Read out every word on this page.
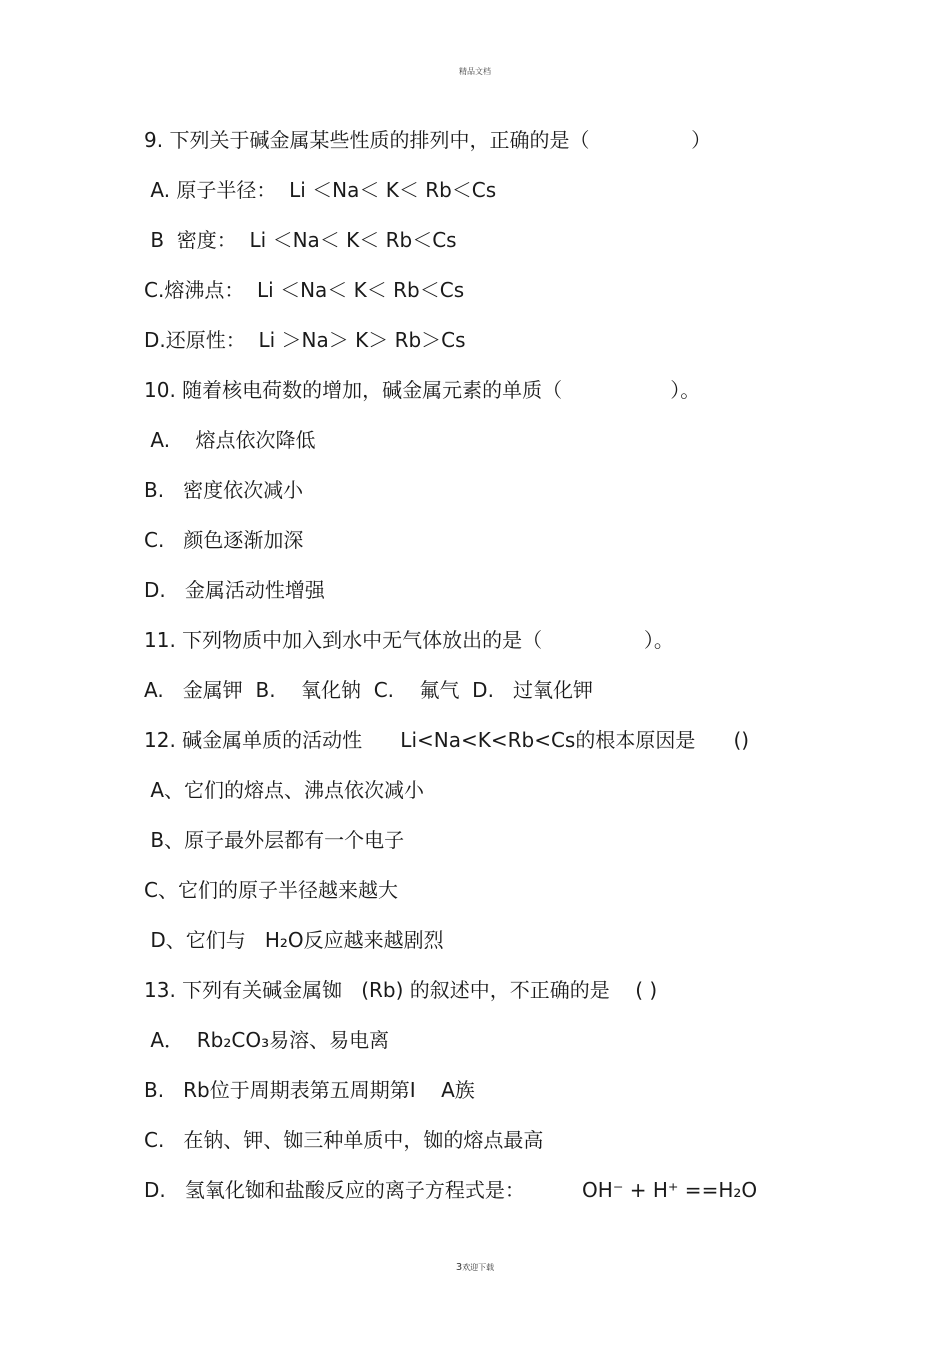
精品文档
9. 下列关于碱金属某些性质的排列中，正确的是（                ）
A. 原子半径：  Li ＜Na＜ K＜ Rb＜Cs
B  密度：  Li ＜Na＜ K＜ Rb＜Cs
C.熔沸点：  Li ＜Na＜ K＜ Rb＜Cs
D.还原性：  Li ＞Na＞ K＞ Rb＞Cs
10. 随着核电荷数的增加，碱金属元素的单质（                 ）。
A.    熔点依次降低
B.   密度依次减小
C.   颜色逐渐加深
D.   金属活动性增强
11. 下列物质中加入到水中无气体放出的是（                ）。
A.   金属钾  B.    氧化钠  C.    氟气  D.   过氧化钾
12. 碱金属单质的活动性      Li<Na<K<Rb<Cs的根本原因是      ()
A、它们的熔点、沸点依次减小
B、原子最外层都有一个电子
C、它们的原子半径越来越大
D、它们与   H₂O反应越来越剧烈
13. 下列有关碱金属铷   (Rb) 的叙述中，不正确的是    ( )
A．  Rb₂CO₃易溶、易电离
B.   Rb位于周期表第五周期第Ⅰ    A族
C.   在钠、钾、铷三种单质中，铷的熔点最高
D.   氢氧化铷和盐酸反应的离子方程式是：         OH⁻ + H⁺ ==H₂O
3欢迎下载
